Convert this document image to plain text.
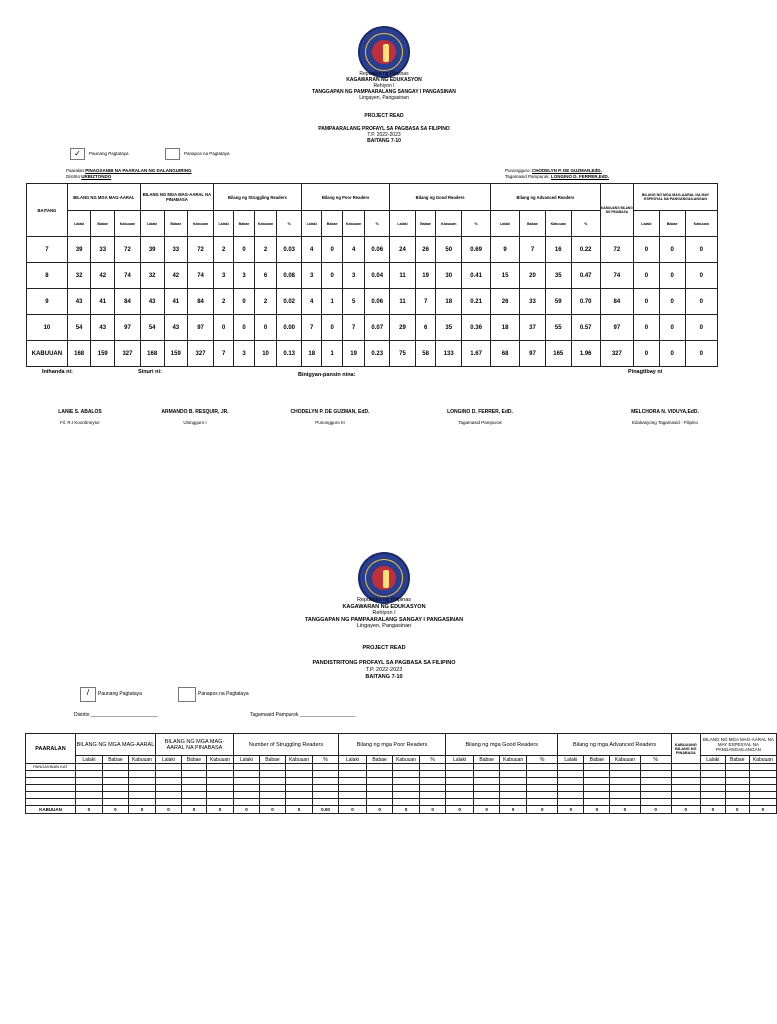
Republika ng Pilipinas
KAGAWARAN NG EDUKASYON
Rehiyon I
TANGGAPAN NG PAMPAARALANG SANGAY I PANGASINAN
Lingayen, Pangasinan
PROJECT READ
PAMPAARALANG PROFAYL SA PAGBASA SA FILIPINO
T.P. 2022-2023
BAITANG 7-10
✓	Paunang Pagtataya	Panapos na Pagtataya
Paaralan PINAGSANIB NA PAARALAN NG DALANGUIRING
Distrito URBIZTONDO
Punongguro: CHODELYN P. DE GUZMAN,EdD.
Tagamasid Pampurok: LONGINO D. FERRER,EdD.
BAITANG	BILANG NG MGA MAG-AARAL			BILANG NG MGA MAG-AARAL NA PINABASA			Bilang ng Struggling Readers				Bilang ng Poor Readers				Bilang ng Good Readers				Bilang ng Advanced Readers				KABUUANG BILANG NG PINABASA	BILANG NG MGA MAG-AARAL NA MAY ESPESYAL NA PANGANGAILANGAN		
	Lalaki	Babae	Kabuuan	Lalaki	Babae	Kabuuan	Lalaki	Babae	Kabuuan	%	Lalaki	Babae	Kabuuan	%	Lalaki	Babae	Kabuuan	%	Lalaki	Babae	Kabuuan	%		Lalaki	Babae	Kabuuan
7	39	33	72	39	33	72	2	0	2	0.03	4	0	4	0.06	24	26	50	0.69	9	7	16	0.22	72	0	0	0
8	32	42	74	32	42	74	3	3	6	0.08	3	0	3	0.04	11	19	30	0.41	15	20	35	0.47	74	0	0	0
9	43	41	84	43	41	84	2	0	2	0.02	4	1	5	0.06	11	7	18	0.21	26	33	59	0.70	84	0	0	0
10	54	43	97	54	43	97	0	0	0	0.00	7	0	7	0.07	29	6	35	0.36	18	37	55	0.57	97	0	0	0
KABUUAN	168	159	327	168	159	327	7	3	10	0.13	18	1	19	0.23	75	58	133	1.67	68	97	165	1.96	327	0	0	0
Inihanda ni:	Sinuri ni:	Binigyan-pansin nina:	Pinagtibay ni
LANIE S. ABALOS
Fil. R.I Koordineytor
ARMANDO B. RESQUIR, JR.
Ulongguro I
CHODELYN P. DE GUZMAN, EdD.
Punongguro III
LONGINO D. FERRER, EdD.
Tagamasid Pampurok
MELCHORA N. VIDUYA,EdD.
Edukasyong Tagamasid - Filipino
Republika ng Pilipinas
KAGAWARAN NG EDUKASYON
Rehiyon I
TANGGAPAN NG PAMPAARALANG SANGAY I PANGASINAN
Lingayen, Pangasinan
PROJECT READ
PANDISTRITONG PROFAYL SA PAGBASA SA FILIPINO
T.P. 2022-2023
BAITANG 7-10
/	Paunang Pagtataya	Panapos na Pagtataya
Distrito ________________________	Tagamasid Pampurok ____________________
PAARALAN	BILANG NG MGA MAG-AARAL			BILANG NG MGA MAG-AARAL NA PINABASA			Number of Struggling Readers				Bilang ng mga Poor Readers				Bilang ng mga Good Readers				Bilang ng mga Advanced Readers				KABUUANG BILANG NG PINABASA	BILANG NG MGA MAG-AARAL NA MAY ESPESYAL NA PANGANGAILANGAN		
	Lalaki	Babae	Kabuuan	Lalaki	Babae	Kabuuan	Lalaki	Babae	Kabuuan	%	Lalaki	Babae	Kabuuan	%	Lalaki	Babae	Kabuuan	%	Lalaki	Babae	Kabuuan	%		Lalaki	Babae	Kabuuan
PANGASINAN KAT																										

KABUUAN	0	0	0	0	0	0	0	0	0	0.00	0	0	0	0	0	0	0	0	0	0	0	0	0	0	0	0
